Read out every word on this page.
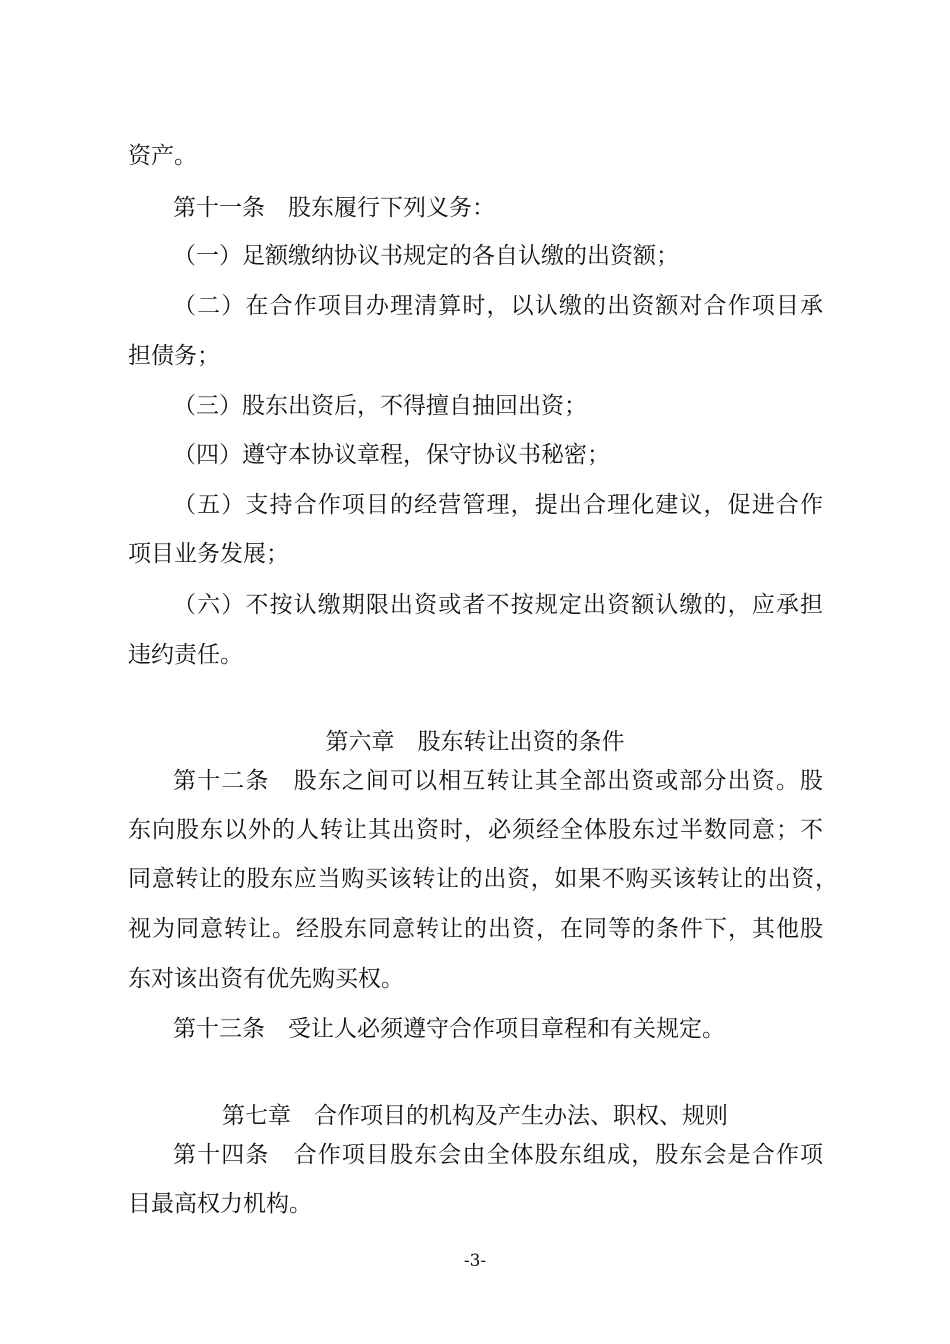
资产。
第十一条　股东履行下列义务：
（一）足额缴纳协议书规定的各自认缴的出资额；
（二）在合作项目办理清算时，以认缴的出资额对合作项目承
担债务；
（三）股东出资后，不得擅自抽回出资；
（四）遵守本协议章程，保守协议书秘密；
（五）支持合作项目的经营管理，提出合理化建议，促进合作
项目业务发展；
（六）不按认缴期限出资或者不按规定出资额认缴的，应承担
违约责任。
第六章　股东转让出资的条件
第十二条　股东之间可以相互转让其全部出资或部分出资。股
东向股东以外的人转让其出资时，必须经全体股东过半数同意；不
同意转让的股东应当购买该转让的出资，如果不购买该转让的出资，
视为同意转让。经股东同意转让的出资，在同等的条件下，其他股
东对该出资有优先购买权。
第十三条　受让人必须遵守合作项目章程和有关规定。
第七章　合作项目的机构及产生办法、职权、规则
第十四条　合作项目股东会由全体股东组成，股东会是合作项
目最高权力机构。
-3-
